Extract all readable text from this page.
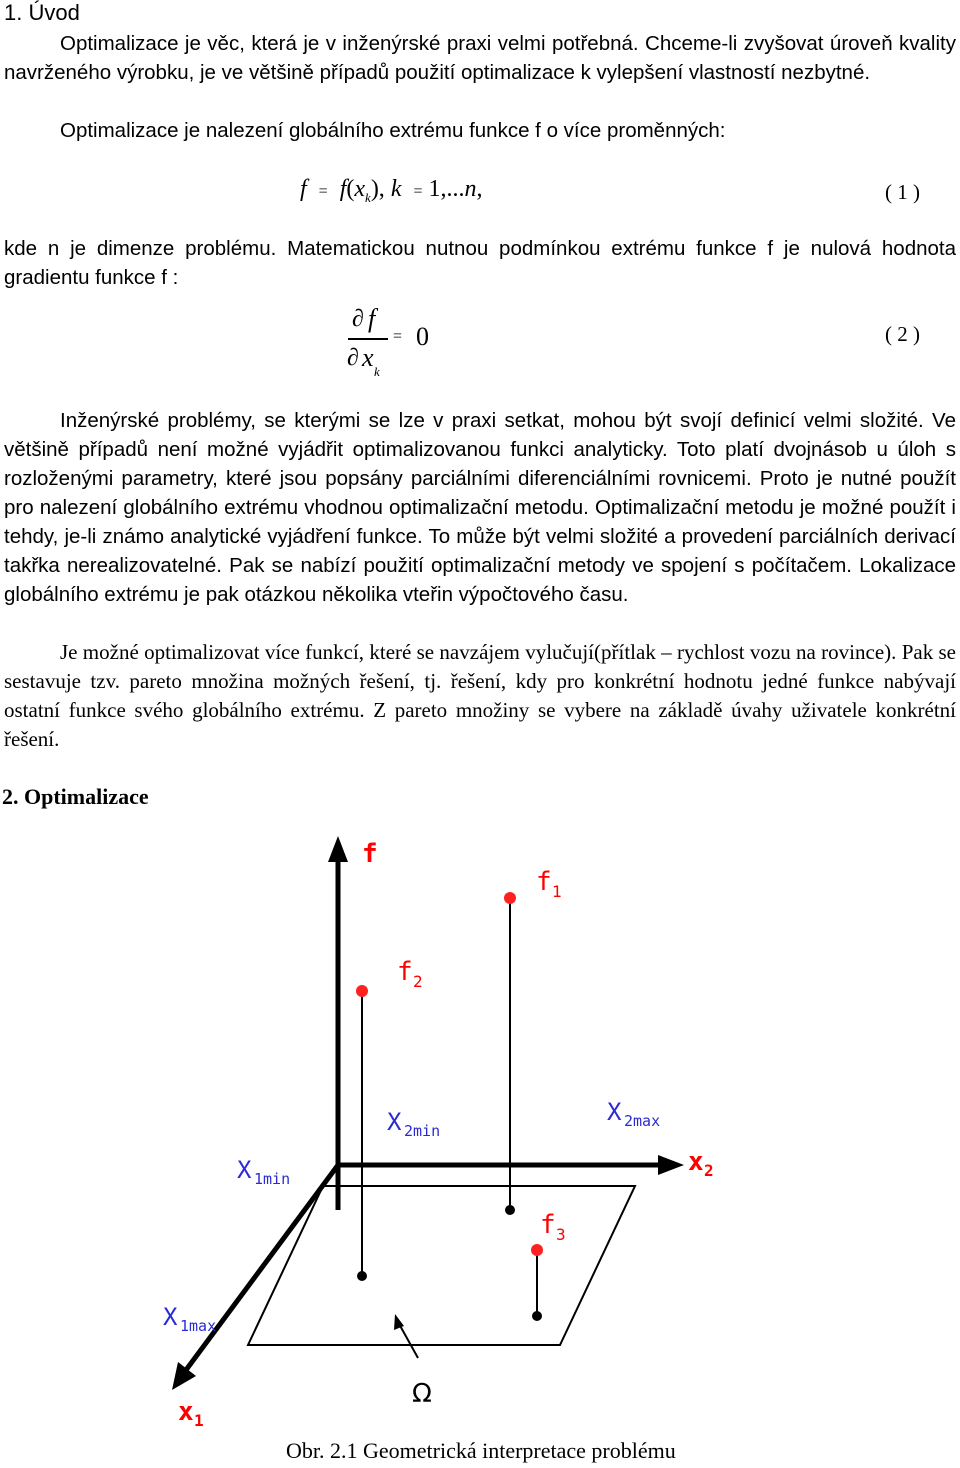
1. Úvod
Optimalizace je věc, která je v inženýrské praxi velmi potřebná. Chceme-li zvyšovat úroveň kvality navrženého výrobku, je ve většině případů použití optimalizace k vylepšení vlastností nezbytné.
Optimalizace je nalezení globálního extrému funkce f o více proměnných:
$f = f(x_k)$, k = 1,...n,	( 1 )
kde n je dimenze problému. Matematickou nutnou podmínkou extrému funkce f je nulová hodnota gradientu funkce f :
∂ f
∂ x k
= 0	( 2 )
Inženýrské problémy, se kterými se lze v praxi setkat, mohou být svojí definicí velmi složité. Ve většině případů není možné vyjádřit optimalizovanou funkci analyticky. Toto platí dvojnásob u úloh s rozloženými parametry, které jsou popsány parciálními diferenciálními rovnicemi. Proto je nutné použít pro nalezení globálního extrému vhodnou optimalizační metodu. Optimalizační metodu je možné použít i tehdy, je-li známo analytické vyjádření funkce. To může být velmi složité a provedení parciálních derivací takřka nerealizovatelné. Pak se nabízí použití optimalizační metody ve spojení s počítačem. Lokalizace globálního extrému je pak otázkou několika vteřin výpočtového času.
Je možné optimalizovat více funkcí, které se navzájem vylučují(přítlak – rychlost vozu na rovince). Pak se sestavuje tzv. pareto množina možných řešení, tj. řešení, kdy pro konkrétní hodnotu jedné funkce nabývají ostatní funkce svého globálního extrému. Z pareto množiny se vybere na základě úvahy uživatele konkrétní řešení.
2. Optimalizace
f
f 1
f 2
f 3
x 2
x 1
X 1min
X 1max
X 2min
X 2max
Ω
Obr. 2.1 Geometrická interpretace problému
